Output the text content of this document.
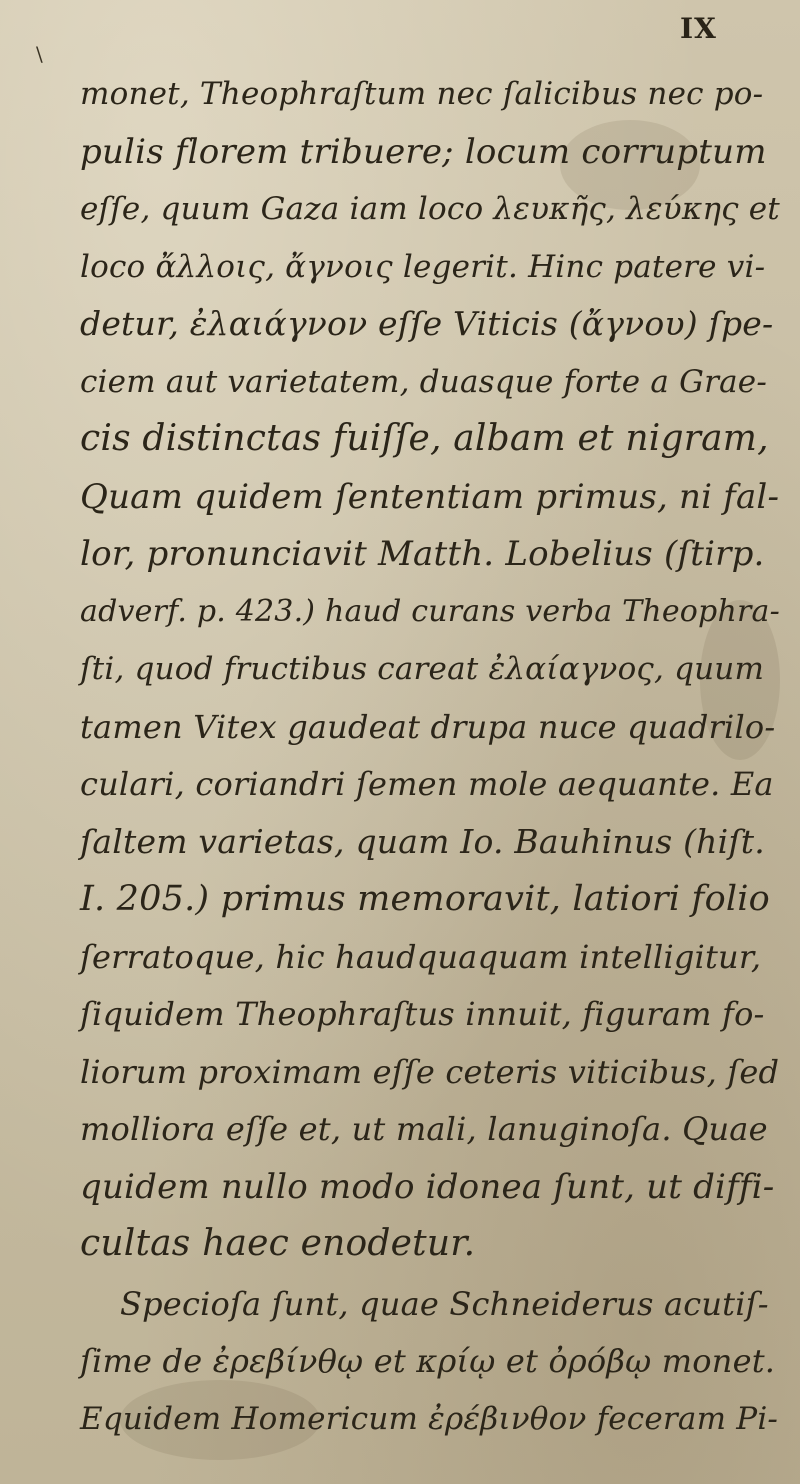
IX
\
monet, Theophraſtum nec ſalicibus nec po-
pulis florem tribuere; locum corruptum
eſſe, quum Gaza iam loco λευκῆς, λεύκης et
loco ἄλλοις, ἄγνοις legerit. Hinc patere vi-
detur, ἐλαιάγνον eſſe Viticis (ἄγνου) ſpe-
ciem aut varietatem, duasque forte a Grae-
cis distinctas fuiſſe, albam et nigram,
Quam quidem ſententiam primus, ni fal-
lor, pronunciavit Matth. Lobelius (ſtirp.
adverf. p. 423.) haud curans verba Theophra-
ſti, quod fructibus careat ἐλαίαγνος, quum
tamen Vitex gaudeat drupa nuce quadrilo-
culari, coriandri ſemen mole aequante. Ea
ſaltem varietas, quam Io. Bauhinus (hiſt.
I. 205.) primus memoravit, latiori folio
ſerratoque, hic haudquaquam intelligitur,
ſiquidem Theophraſtus innuit, figuram fo-
liorum proximam eſſe ceteris viticibus, ſed
molliora eſſe et, ut mali, lanuginoſa. Quae
quidem nullo modo idonea ſunt, ut diffi-
cultas haec enodetur.
Specioſa ſunt, quae Schneiderus acutiſ-
ſime de ἐρεβίνθῳ et κρίῳ et ὀρόβῳ monet.
Equidem Homericum ἐρέβινθον feceram Pi-
